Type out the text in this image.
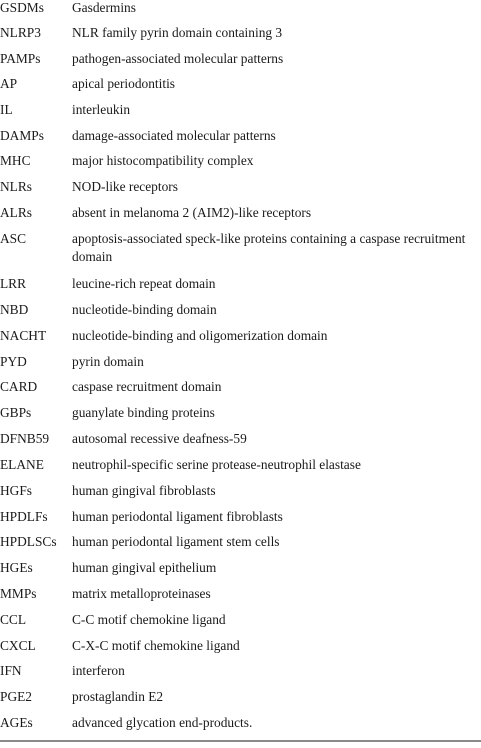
GSDMs	Gasdermins
NLRP3	NLR family pyrin domain containing 3
PAMPs	pathogen-associated molecular patterns
AP	apical periodontitis
IL	interleukin
DAMPs	damage-associated molecular patterns
MHC	major histocompatibility complex
NLRs	NOD-like receptors
ALRs	absent in melanoma 2 (AIM2)-like receptors
ASC	apoptosis-associated speck-like proteins containing a caspase recruitment domain
LRR	leucine-rich repeat domain
NBD	nucleotide-binding domain
NACHT	nucleotide-binding and oligomerization domain
PYD	pyrin domain
CARD	caspase recruitment domain
GBPs	guanylate binding proteins
DFNB59	autosomal recessive deafness-59
ELANE	neutrophil-specific serine protease-neutrophil elastase
HGFs	human gingival fibroblasts
HPDLFs	human periodontal ligament fibroblasts
HPDLSCs	human periodontal ligament stem cells
HGEs	human gingival epithelium
MMPs	matrix metalloproteinases
CCL	C-C motif chemokine ligand
CXCL	C-X-C motif chemokine ligand
IFN	interferon
PGE2	prostaglandin E2
AGEs	advanced glycation end-products.
